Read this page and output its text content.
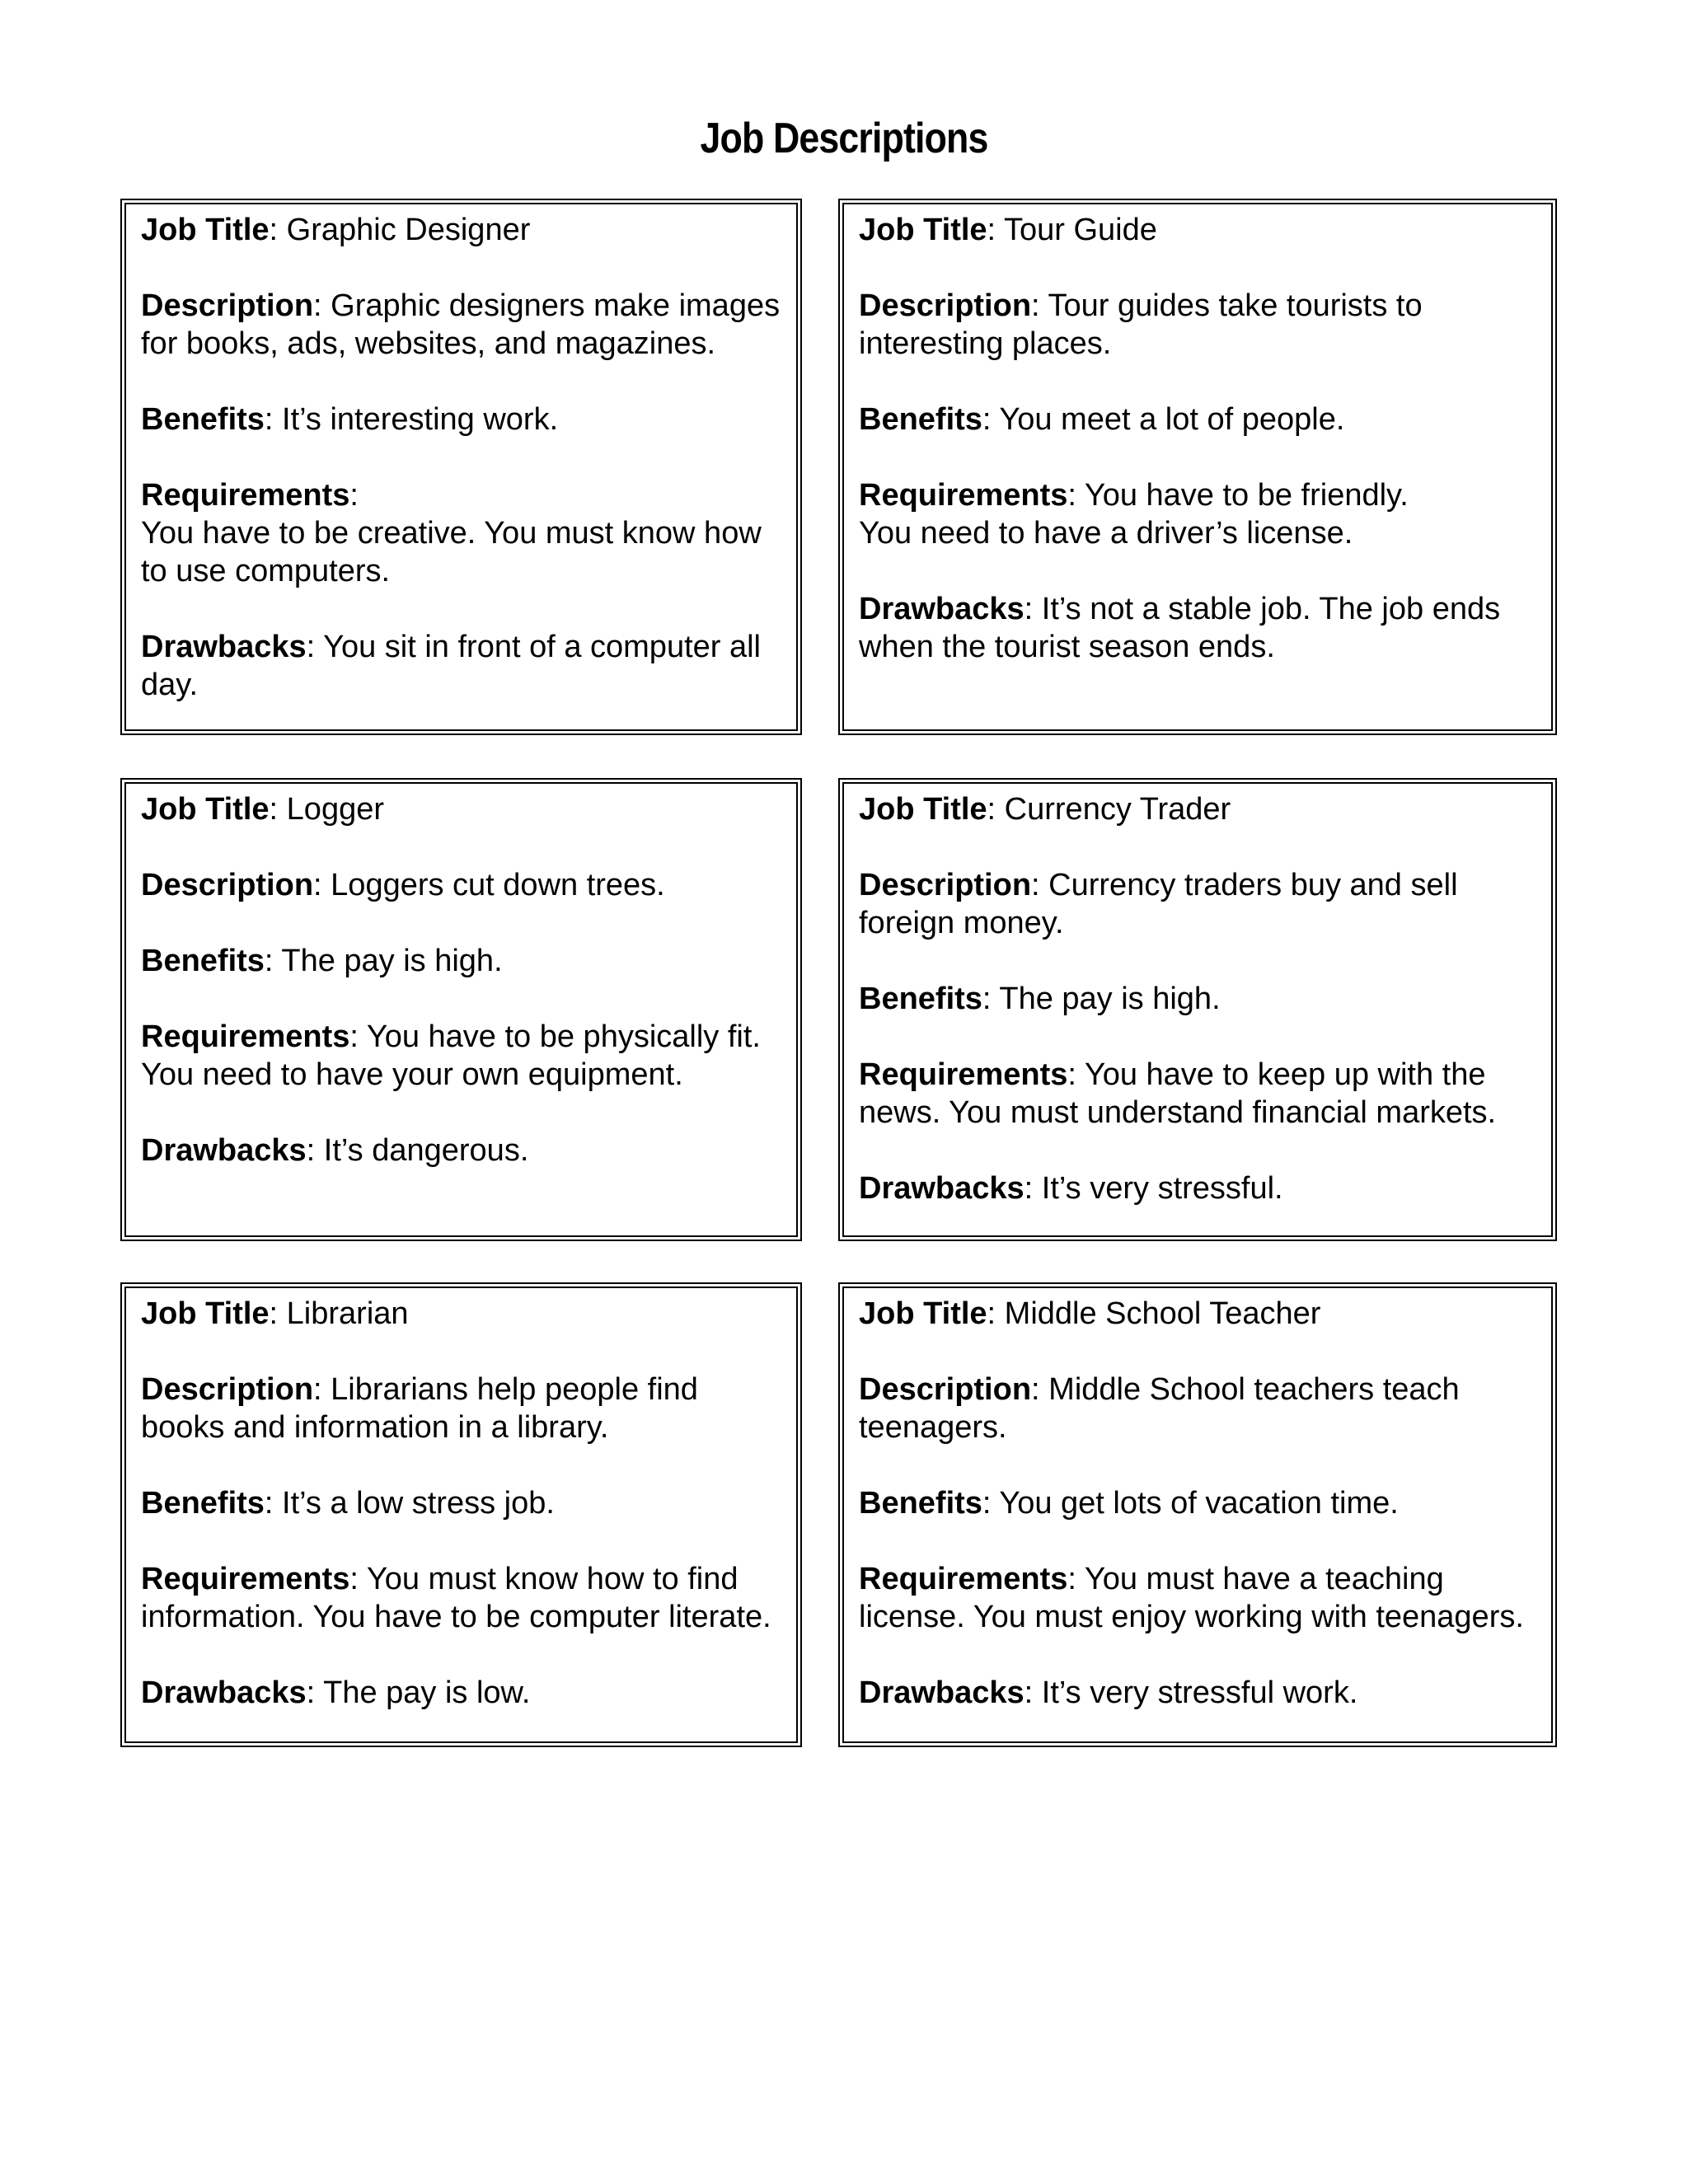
Job Descriptions
Job Title: Graphic Designer
Description: Graphic designers make images for books, ads, websites, and magazines.
Benefits: It’s interesting work.
Requirements:
You have to be creative. You must know how to use computers.
Drawbacks: You sit in front of a computer all day.
Job Title: Tour Guide
Description: Tour guides take tourists to interesting places.
Benefits: You meet a lot of people.
Requirements: You have to be friendly.
You need to have a driver’s license.
Drawbacks: It’s not a stable job. The job ends when the tourist season ends.
Job Title: Logger
Description: Loggers cut down trees.
Benefits: The pay is high.
Requirements: You have to be physically fit. You need to have your own equipment.
Drawbacks: It’s dangerous.
Job Title: Currency Trader
Description: Currency traders buy and sell foreign money.
Benefits: The pay is high.
Requirements: You have to keep up with the news. You must understand financial markets.
Drawbacks: It’s very stressful.
Job Title: Librarian
Description: Librarians help people find books and information in a library.
Benefits: It’s a low stress job.
Requirements: You must know how to find information. You have to be computer literate.
Drawbacks: The pay is low.
Job Title: Middle School Teacher
Description: Middle School teachers teach teenagers.
Benefits: You get lots of vacation time.
Requirements: You must have a teaching license. You must enjoy working with teenagers.
Drawbacks: It’s very stressful work.
